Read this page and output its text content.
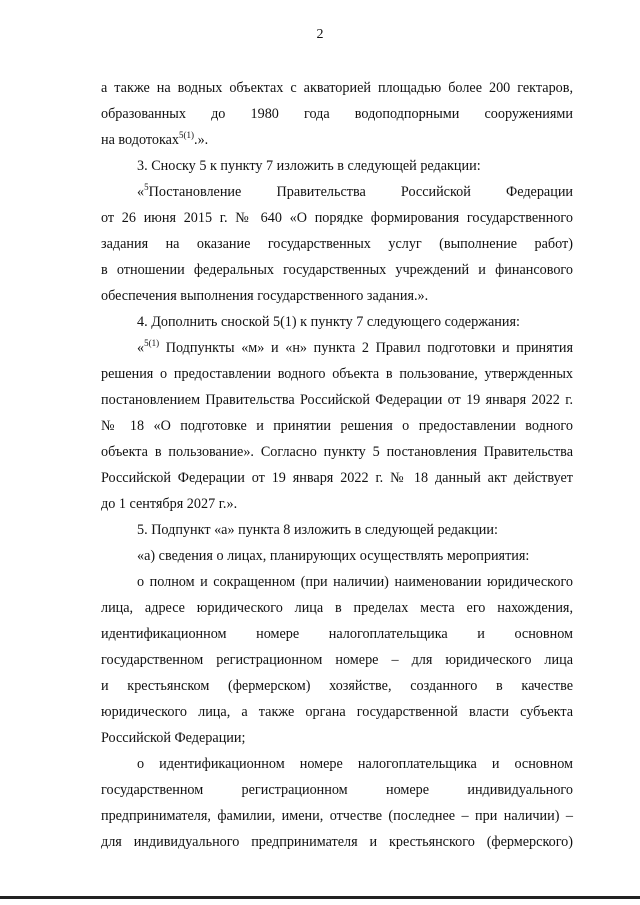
2
а также на водных объектах с акваторией площадью более 200 гектаров,
образованных до 1980 года водоподпорными сооружениями
на водотоках$^{5(1)}$.».
3. Сноску 5 к пункту 7 изложить в следующей редакции:
«$^5$Постановление Правительства Российской Федерации
от 26 июня 2015 г. № 640 «О порядке формирования государственного
задания на оказание государственных услуг (выполнение работ)
в отношении федеральных государственных учреждений и финансового
обеспечения выполнения государственного задания.».
4. Дополнить сноской 5(1) к пункту 7 следующего содержания:
«$^{5(1)}$ Подпункты «м» и «н» пункта 2 Правил подготовки и принятия
решения о предоставлении водного объекта в пользование, утвержденных
постановлением Правительства Российской Федерации от 19 января 2022 г.
№ 18 «О подготовке и принятии решения о предоставлении водного
объекта в пользование». Согласно пункту 5 постановления Правительства
Российской Федерации от 19 января 2022 г. № 18 данный акт действует
до 1 сентября 2027 г.».
5. Подпункт «а» пункта 8 изложить в следующей редакции:
«а) сведения о лицах, планирующих осуществлять мероприятия:
о полном и сокращенном (при наличии) наименовании юридического
лица, адресе юридического лица в пределах места его нахождения,
идентификационном номере налогоплательщика и основном
государственном регистрационном номере – для юридического лица
и крестьянском (фермерском) хозяйстве, созданного в качестве
юридического лица, а также органа государственной власти субъекта
Российской Федерации;
о идентификационном номере налогоплательщика и основном
государственном регистрационном номере индивидуального
предпринимателя, фамилии, имени, отчестве (последнее – при наличии) –
для индивидуального предпринимателя и крестьянского (фермерского)
